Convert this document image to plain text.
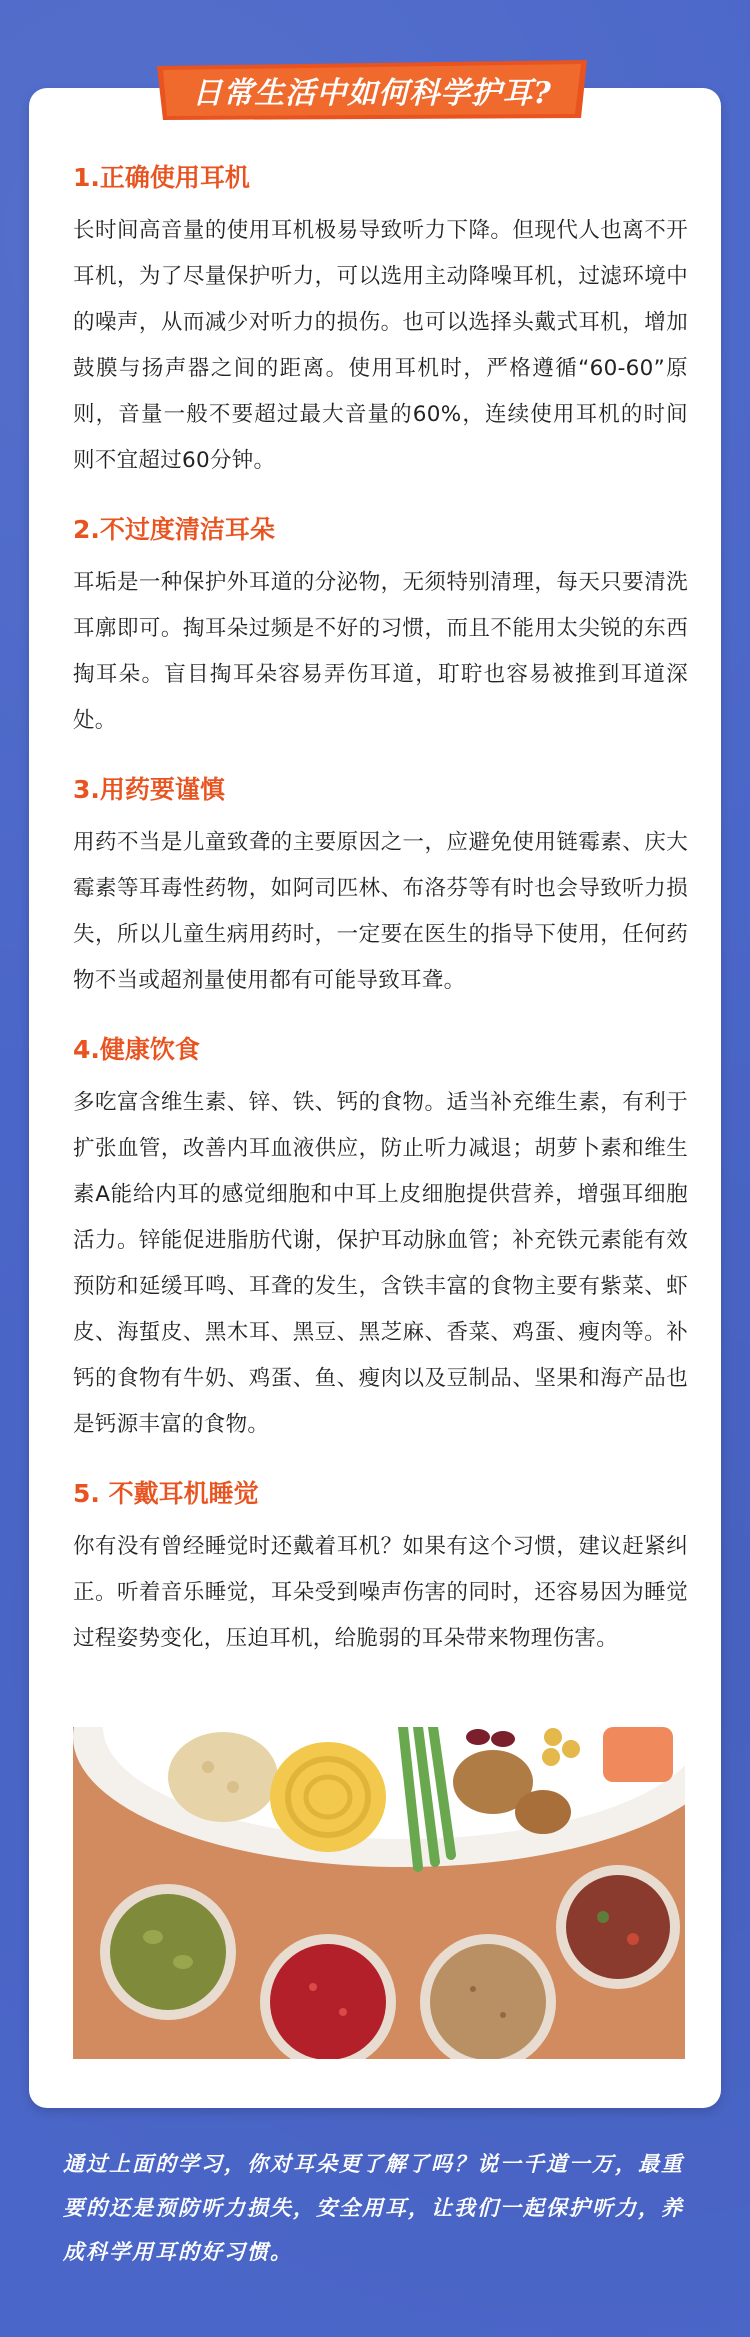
日常生活中如何科学护耳?
1.正确使用耳机
长时间高音量的使用耳机极易导致听力下降。但现代人也离不开耳机，为了尽量保护听力，可以选用主动降噪耳机，过滤环境中的噪声，从而减少对听力的损伤。也可以选择头戴式耳机，增加鼓膜与扬声器之间的距离。使用耳机时，严格遵循“60-60”原则，音量一般不要超过最大音量的60%，连续使用耳机的时间则不宜超过60分钟。
2.不过度清洁耳朵
耳垢是一种保护外耳道的分泌物，无须特别清理，每天只要清洗耳廓即可。掏耳朵过频是不好的习惯，而且不能用太尖锐的东西掏耳朵。盲目掏耳朵容易弄伤耳道，耵聍也容易被推到耳道深处。
3.用药要谨慎
用药不当是儿童致聋的主要原因之一，应避免使用链霉素、庆大霉素等耳毒性药物，如阿司匹林、布洛芬等有时也会导致听力损失，所以儿童生病用药时，一定要在医生的指导下使用，任何药物不当或超剂量使用都有可能导致耳聋。
4.健康饮食
多吃富含维生素、锌、铁、钙的食物。适当补充维生素，有利于扩张血管，改善内耳血液供应，防止听力减退；胡萝卜素和维生素A能给内耳的感觉细胞和中耳上皮细胞提供营养，增强耳细胞活力。锌能促进脂肪代谢，保护耳动脉血管；补充铁元素能有效预防和延缓耳鸣、耳聋的发生，含铁丰富的食物主要有紫菜、虾皮、海蜇皮、黑木耳、黑豆、黑芝麻、香菜、鸡蛋、瘦肉等。补钙的食物有牛奶、鸡蛋、鱼、瘦肉以及豆制品、坚果和海产品也是钙源丰富的食物。
5. 不戴耳机睡觉
你有没有曾经睡觉时还戴着耳机？如果有这个习惯，建议赶紧纠正。听着音乐睡觉，耳朵受到噪声伤害的同时，还容易因为睡觉过程姿势变化，压迫耳机，给脆弱的耳朵带来物理伤害。
通过上面的学习，你对耳朵更了解了吗？说一千道一万，最重要的还是预防听力损失，安全用耳，让我们一起保护听力，养成科学用耳的好习惯。
